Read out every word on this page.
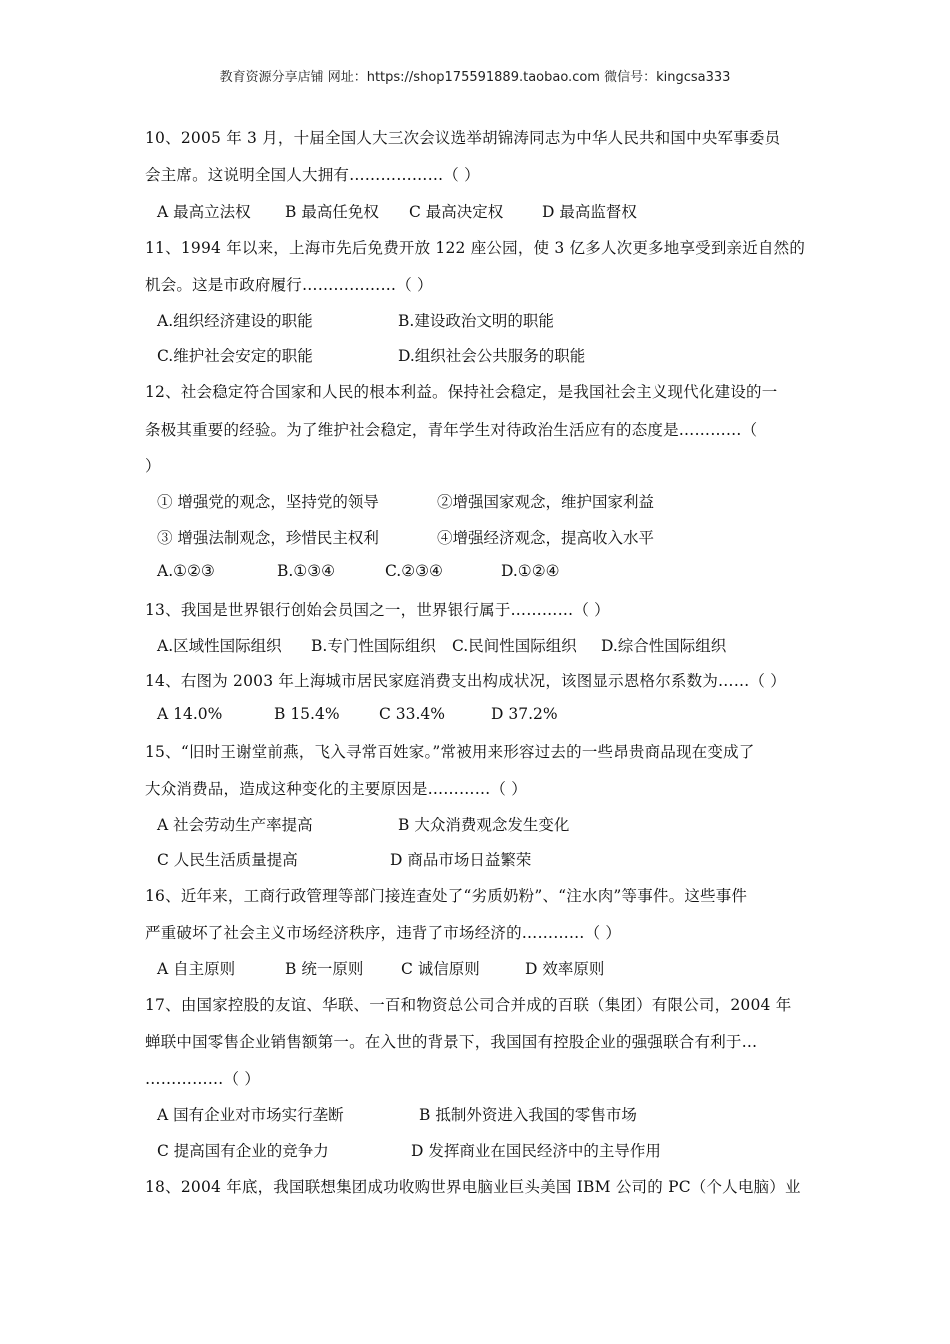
教育资源分享店铺 网址：https://shop175591889.taobao.com 微信号：kingcsa333
10、2005 年 3 月，十届全国人大三次会议选举胡锦涛同志为中华人民共和国中央军事委员
会主席。这说明全国人大拥有………………（ ）
A 最高立法权 B 最高任免权 C 最高决定权 D 最高监督权
11、1994 年以来，上海市先后免费开放 122 座公园，使 3 亿多人次更多地享受到亲近自然的
机会。这是市政府履行………………（ ）
A.组织经济建设的职能	B.建设政治文明的职能
C.维护社会安定的职能	D.组织社会公共服务的职能
12、社会稳定符合国家和人民的根本利益。保持社会稳定，是我国社会主义现代化建设的一
条极其重要的经验。为了维护社会稳定，青年学生对待政治生活应有的态度是…………（
）
① 增强党的观念，坚持党的领导	②增强国家观念，维护国家利益
③ 增强法制观念，珍惜民主权利	④增强经济观念，提高收入水平
A.①②③	B.①③④	C.②③④	D.①②④
13、我国是世界银行创始会员国之一，世界银行属于…………（ ）
A.区域性国际组织 B.专门性国际组织 C.民间性国际组织 D.综合性国际组织
14、右图为 2003 年上海城市居民家庭消费支出构成状况，该图显示恩格尔系数为……（ ）
A 14.0%	B 15.4%	C 33.4%	D 37.2%
15、“旧时王谢堂前燕，飞入寻常百姓家。”常被用来形容过去的一些昂贵商品现在变成了
大众消费品，造成这种变化的主要原因是…………（ ）
A 社会劳动生产率提高	B 大众消费观念发生变化
C 人民生活质量提高	D 商品市场日益繁荣
16、近年来，工商行政管理等部门接连查处了“劣质奶粉”、“注水肉”等事件。这些事件
严重破坏了社会主义市场经济秩序，违背了市场经济的…………（ ）
A 自主原则	B 统一原则 C 诚信原则	D 效率原则
17、由国家控股的友谊、华联、一百和物资总公司合并成的百联（集团）有限公司，2004 年
蝉联中国零售企业销售额第一。在入世的背景下，我国国有控股企业的强强联合有利于…
……………（ ）
A 国有企业对市场实行垄断	B 抵制外资进入我国的零售市场
C 提高国有企业的竞争力	D 发挥商业在国民经济中的主导作用
18、2004 年底，我国联想集团成功收购世界电脑业巨头美国 IBM 公司的 PC（个人电脑）业
